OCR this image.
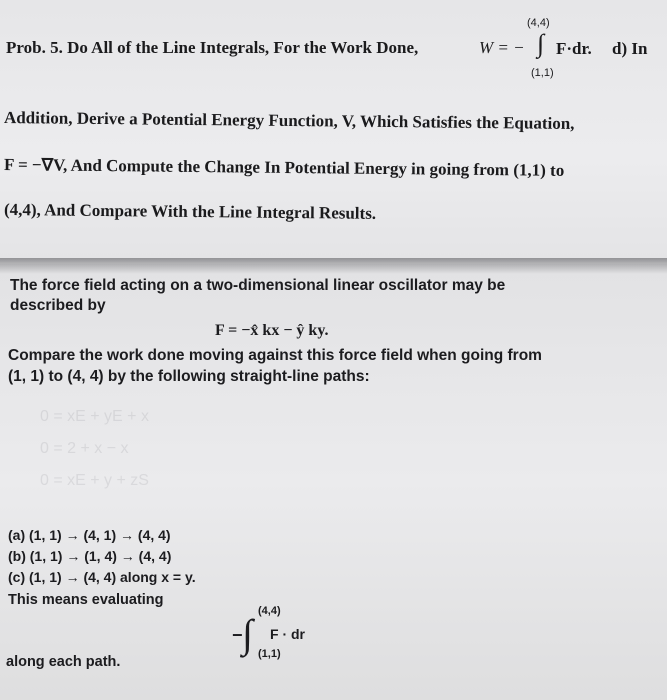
Prob. 5. Do All of the Line Integrals, For the Work Done,	W = −
(4,4)
∫
(1,1)
F·dr. d) In
Addition, Derive a Potential Energy Function, V, Which Satisfies the Equation,
F = −∇V, And Compute the Change In Potential Energy in going from (1,1) to
(4,4), And Compare With the Line Integral Results.
The force field acting on a two-dimensional linear oscillator may be
described by
F = −x̂ kx − ŷ ky.
Compare the work done moving against this force field when going from
(1, 1) to (4, 4) by the following straight-line paths:
0 = xE + yE + x
0 = 2 + x − x
0 = xE + y + zS
(a) (1, 1) → (4, 1) → (4, 4)
(b) (1, 1) → (1, 4) → (4, 4)
(c) (1, 1) → (4, 4) along x = y.
This means evaluating
− ∫ (4,4)
(1,1)
F · dr
along each path.
